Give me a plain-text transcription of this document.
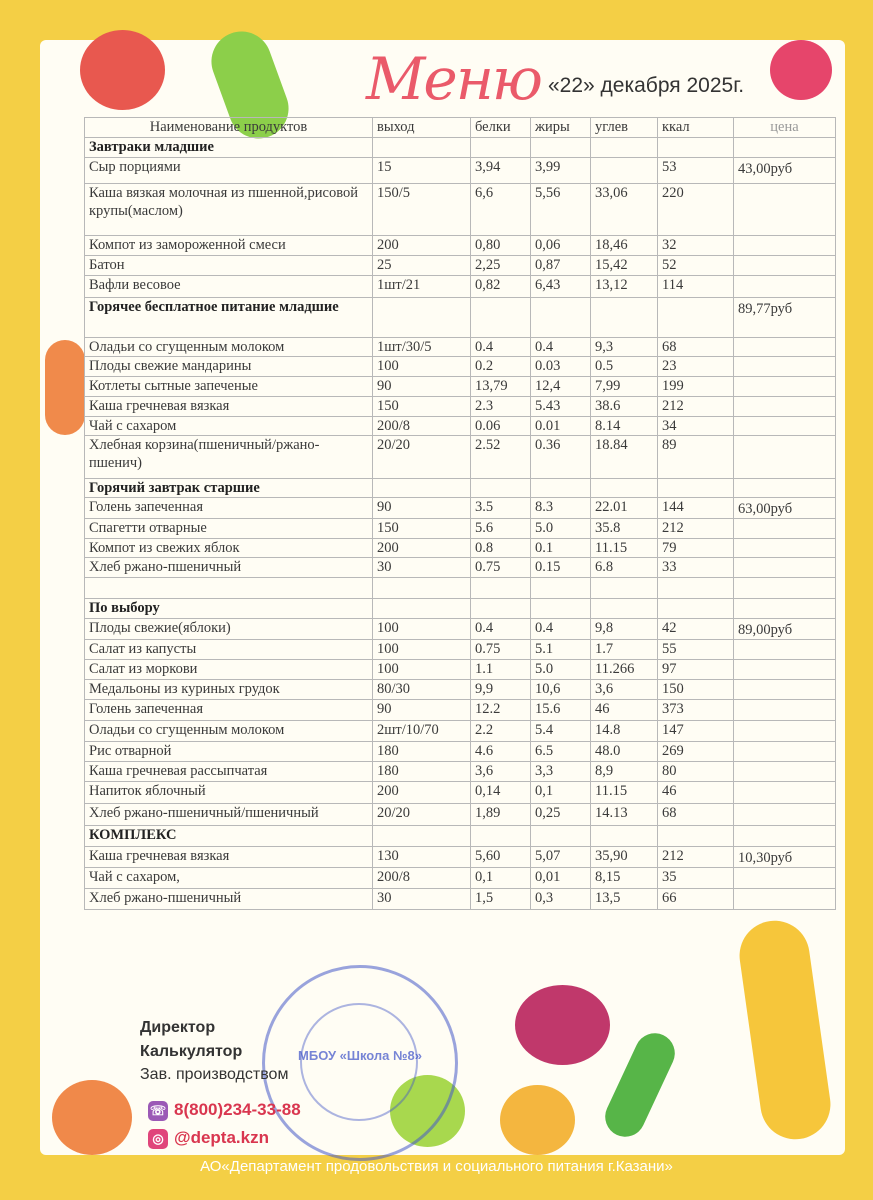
Меню «22» декабря 2025г.
Наименование продуктов	выход	белки	жиры	углев	ккал	цена
Завтраки младшие						
Сыр порциями	15	3,94	3,99		53	43,00руб
Каша вязкая молочная из пшенной,рисовой крупы(маслом)	150/5	6,6	5,56	33,06	220	
Компот из замороженной смеси	200	0,80	0,06	18,46	32	
Батон	25	2,25	0,87	15,42	52	
Вафли весовое	1шт/21	0,82	6,43	13,12	114	
Горячее бесплатное питание младшие						89,77руб
Оладьи со сгущенным молоком	1шт/30/5	0.4	0.4	9,3	68	
Плоды свежие мандарины	100	0.2	0.03	0.5	23	
Котлеты сытные запеченые	90	13,79	12,4	7,99	199	
Каша гречневая вязкая	150	2.3	5.43	38.6	212	
Чай с сахаром	200/8	0.06	0.01	8.14	34	
Хлебная корзина(пшеничный/ржано-пшенич)	20/20	2.52	0.36	18.84	89	
Горячий завтрак старшие						
Голень запеченная	90	3.5	8.3	22.01	144	63,00руб
Спагетти отварные	150	5.6	5.0	35.8	212	
Компот из свежих яблок	200	0.8	0.1	11.15	79	
Хлеб ржано-пшеничный	30	0.75	0.15	6.8	33	

По выбору						
Плоды свежие(яблоки)	100	0.4	0.4	9,8	42	89,00руб
Салат из капусты	100	0.75	5.1	1.7	55	
Салат из моркови	100	1.1	5.0	11.266	97	
Медальоны из куриных грудок	80/30	9,9	10,6	3,6	150	
Голень запеченная	90	12.2	15.6	46	373	
Оладьи со сгущенным молоком	2шт/10/70	2.2	5.4	14.8	147	
Рис отварной	180	4.6	6.5	48.0	269	
Каша гречневая рассыпчатая	180	3,6	3,3	8,9	80	
Напиток яблочный	200	0,14	0,1	11.15	46	
Хлеб ржано-пшеничный/пшеничный	20/20	1,89	0,25	14.13	68	
КОМПЛЕКС						
Каша гречневая вязкая	130	5,60	5,07	35,90	212	10,30руб
Чай с сахаром,	200/8	0,1	0,01	8,15	35	
Хлеб ржано-пшеничный	30	1,5	0,3	13,5	66	
МБОУ «Школа №8»
Директор
Калькулятор
Зав. производством
☏ 8(800)234-33-88
◎ @depta.kzn
АО«Департамент продовольствия и социального питания г.Казани»
